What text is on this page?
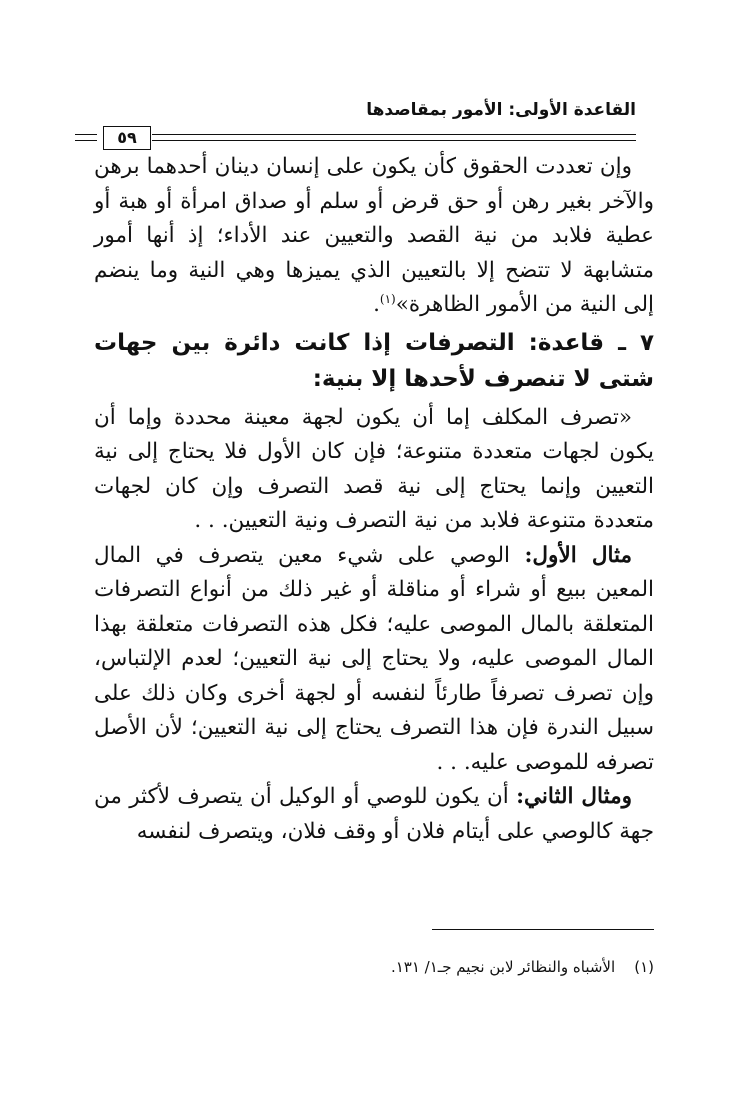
القاعدة الأولى: الأمور بمقاصدها
٥٩

وإن تعددت الحقوق كأن يكون على إنسان دينان أحدهما برهن والآخر بغير رهن أو حق قرض أو سلم أو صداق امرأة أو هبة أو عطية فلابد من نية القصد والتعيين عند الأداء؛ إذ أنها أمور متشابهة لا تتضح إلا بالتعيين الذي يميزها وهي النية وما ينضم إلى النية من الأمور الظاهرة»$^{(١)}$.

٧ ـ قاعدة: التصرفات إذا كانت دائرة بين جهات شتى لا تنصرف لأحدها إلا بنية:

«تصرف المكلف إما أن يكون لجهة معينة محددة وإما أن يكون لجهات متعددة متنوعة؛ فإن كان الأول فلا يحتاج إلى نية التعيين وإنما يحتاج إلى نية قصد التصرف وإن كان لجهات متعددة متنوعة فلابد من نية التصرف ونية التعيين. . .

مثال الأول: الوصي على شيء معين يتصرف في المال المعين ببيع أو شراء أو مناقلة أو غير ذلك من أنواع التصرفات المتعلقة بالمال الموصى عليه؛ فكل هذه التصرفات متعلقة بهذا المال الموصى عليه، ولا يحتاج إلى نية التعيين؛ لعدم الإلتباس، وإن تصرف تصرفاً طارئاً لنفسه أو لجهة أخرى وكان ذلك على سبيل الندرة فإن هذا التصرف يحتاج إلى نية التعيين؛ لأن الأصل تصرفه للموصى عليه. . .

ومثال الثاني: أن يكون للوصي أو الوكيل أن يتصرف لأكثر من جهة كالوصي على أيتام فلان أو وقف فلان، ويتصرف لنفسه

(١)    الأشباه والنظائر لابن نجيم جـ١/ ١٣١.
